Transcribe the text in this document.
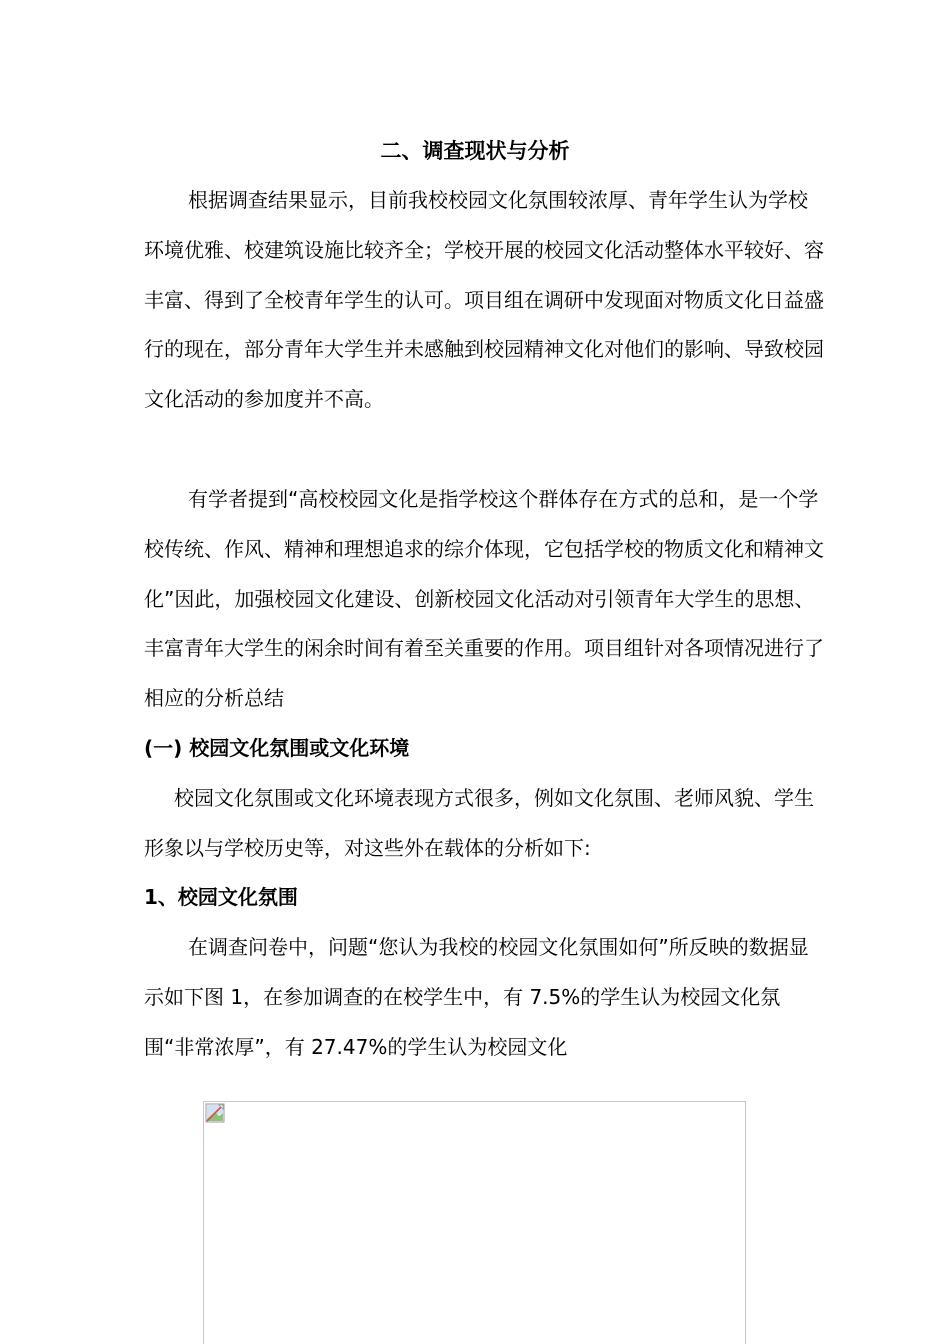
二、调查现状与分析

根据调查结果显示，目前我校校园文化氛围较浓厚、青年学生认为学校环境优雅、校建筑设施比较齐全；学校开展的校园文化活动整体水平较好、容丰富、得到了全校青年学生的认可。项目组在调研中发现面对物质文化日益盛行的现在，部分青年大学生并未感触到校园精神文化对他们的影响、导致校园文化活动的参加度并不高。

有学者提到“高校校园文化是指学校这个群体存在方式的总和，是一个学校传统、作风、精神和理想追求的综介体现，它包括学校的物质文化和精神文化”因此，加强校园文化建设、创新校园文化活动对引领青年大学生的思想、丰富青年大学生的闲余时间有着至关重要的作用。项目组针对各项情况进行了相应的分析总结

(一) 校园文化氛围或文化环境

校园文化氛围或文化环境表现方式很多，例如文化氛围、老师风貌、学生形象以与学校历史等，对这些外在载体的分析如下:

1、校园文化氛围

在调查问卷中，问题“您认为我校的校园文化氛围如何”所反映的数据显示如下图 1，在参加调查的在校学生中，有 7.5%的学生认为校园文化氛围“非常浓厚”，有 27.47%的学生认为校园文化
